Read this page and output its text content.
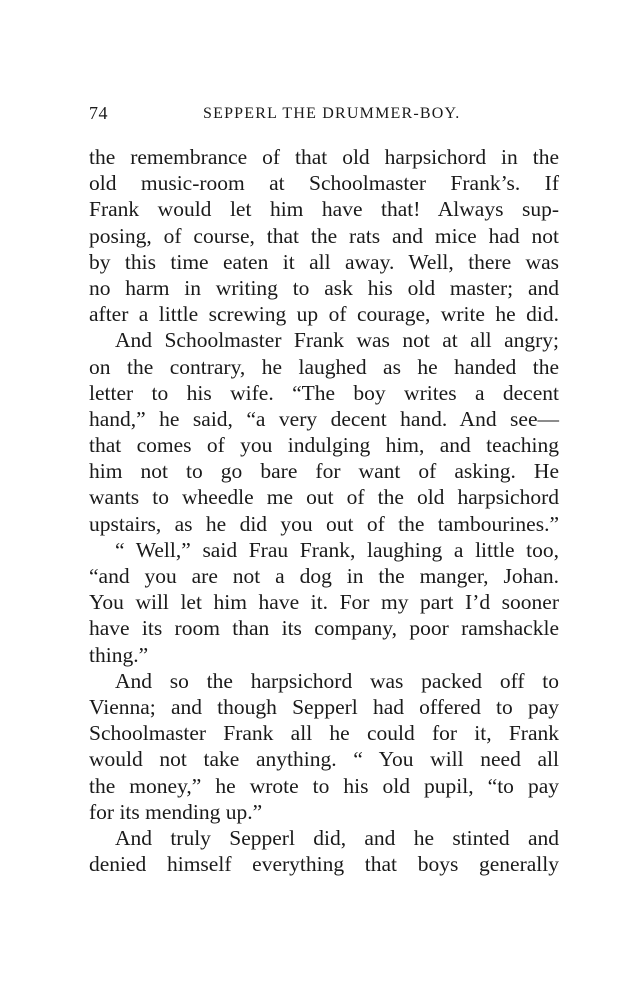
74	SEPPERL THE DRUMMER-BOY.
the remembrance of that old harpsichord in the
old music-room at Schoolmaster Frank’s. If
Frank would let him have that! Always sup-
posing, of course, that the rats and mice had not
by this time eaten it all away. Well, there was
no harm in writing to ask his old master; and
after a little screwing up of courage, write he did.
And Schoolmaster Frank was not at all angry;
on the contrary, he laughed as he handed the
letter to his wife. “The boy writes a decent
hand,” he said, “a very decent hand. And see—
that comes of you indulging him, and teaching
him not to go bare for want of asking. He
wants to wheedle me out of the old harpsichord
upstairs, as he did you out of the tambourines.”
“ Well,” said Frau Frank, laughing a little too,
“and you are not a dog in the manger, Johan.
You will let him have it. For my part I’d sooner
have its room than its company, poor ramshackle
thing.”
And so the harpsichord was packed off to
Vienna; and though Sepperl had offered to pay
Schoolmaster Frank all he could for it, Frank
would not take anything. “ You will need all
the money,” he wrote to his old pupil, “to pay
for its mending up.”
And truly Sepperl did, and he stinted and
denied himself everything that boys generally
